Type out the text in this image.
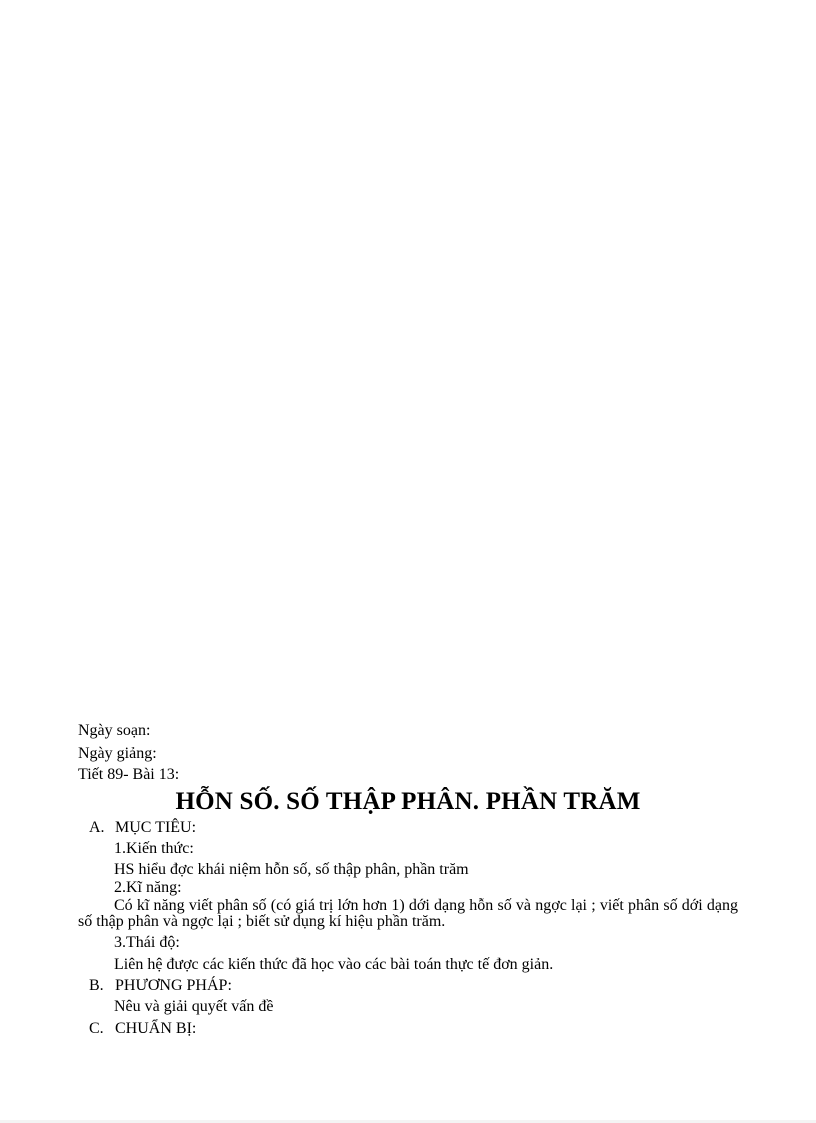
Ngày soạn:
Ngày giảng:
Tiết 89- Bài 13:
HỖN SỐ. SỐ THẬP PHÂN. PHẦN TRĂM
A. MỤC TIÊU:
1.Kiến thức:
HS hiểu đợc khái niệm hỗn số, số thập phân, phần trăm
2.Kĩ năng:
Có kĩ năng viết phân số (có giá trị lớn hơn 1) dới dạng hỗn số và ngợc lại ; viết phân số dới dạng số thập phân và ngợc lại ; biết sử dụng kí hiệu phần trăm.
3.Thái độ:
Liên hệ được các kiến thức đã học vào các bài toán thực tế đơn giản.
B. PHƯƠNG PHÁP:
Nêu và giải quyết vấn đề
C. CHUẨN BỊ:
